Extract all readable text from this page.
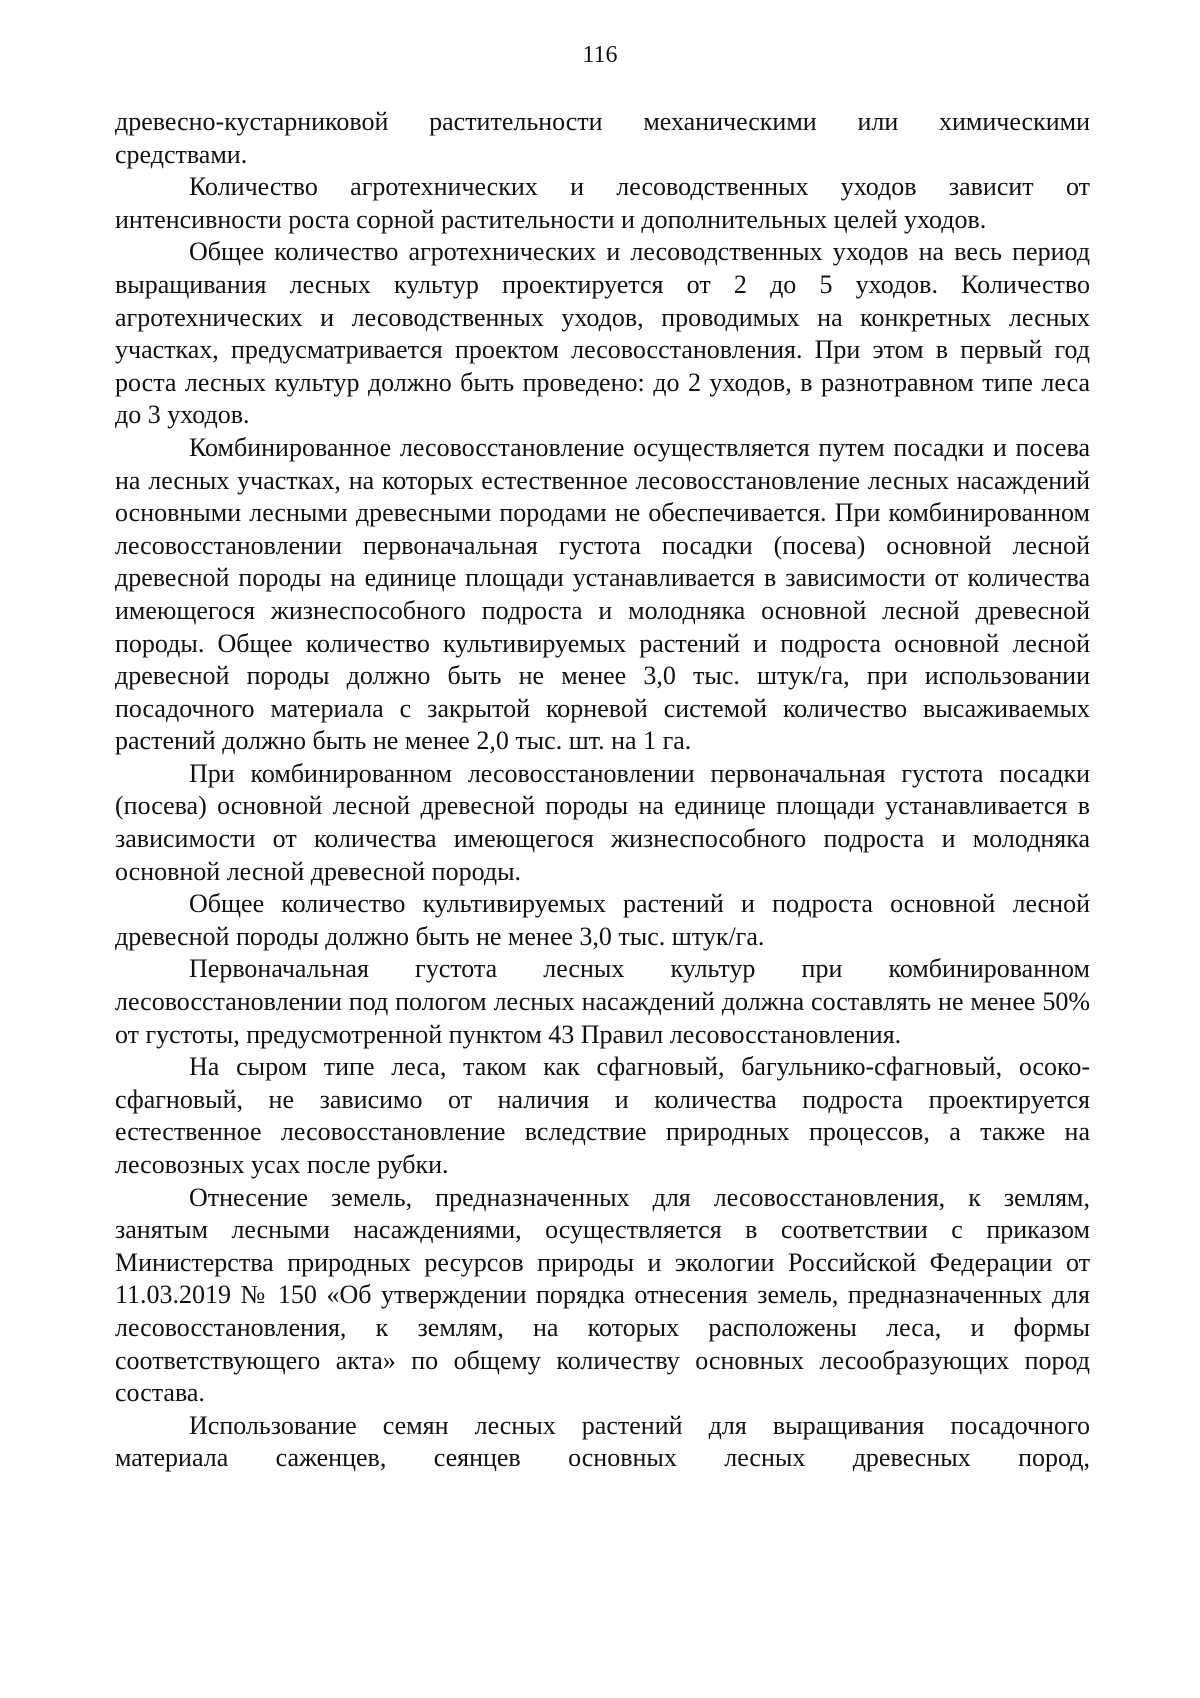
116

древесно-кустарниковой растительности механическими или химическими средствами.

Количество агротехнических и лесоводственных уходов зависит от интенсивности роста сорной растительности и дополнительных целей уходов.

Общее количество агротехнических и лесоводственных уходов на весь период выращивания лесных культур проектируется от 2 до 5 уходов. Количество агротехнических и лесоводственных уходов, проводимых на конкретных лесных участках, предусматривается проектом лесовосстановления. При этом в первый год роста лесных культур должно быть проведено: до 2 уходов, в разнотравном типе леса до 3 уходов.

Комбинированное лесовосстановление осуществляется путем посадки и посева на лесных участках, на которых естественное лесовосстановление лесных насаждений основными лесными древесными породами не обеспечивается. При комбинированном лесовосстановлении первоначальная густота посадки (посева) основной лесной древесной породы на единице площади устанавливается в зависимости от количества имеющегося жизнеспособного подроста и молодняка основной лесной древесной породы. Общее количество культивируемых растений и подроста основной лесной древесной породы должно быть не менее 3,0 тыс. штук/га, при использовании посадочного материала с закрытой корневой системой количество высаживаемых растений должно быть не менее 2,0 тыс. шт. на 1 га.

При комбинированном лесовосстановлении первоначальная густота посадки (посева) основной лесной древесной породы на единице площади устанавливается в зависимости от количества имеющегося жизнеспособного подроста и молодняка основной лесной древесной породы.

Общее количество культивируемых растений и подроста основной лесной древесной породы должно быть не менее 3,0 тыс. штук/га.

Первоначальная густота лесных культур при комбинированном лесовосстановлении под пологом лесных насаждений должна составлять не менее 50% от густоты, предусмотренной пунктом 43 Правил лесовосстановления.

На сыром типе леса, таком как сфагновый, багульнико-сфагновый, осоко-сфагновый, не зависимо от наличия и количества подроста проектируется естественное лесовосстановление вследствие природных процессов, а также на лесовозных усах после рубки.

Отнесение земель, предназначенных для лесовосстановления, к землям, занятым лесными насаждениями, осуществляется в соответствии с приказом Министерства природных ресурсов природы и экологии Российской Федерации от 11.03.2019 № 150 «Об утверждении порядка отнесения земель, предназначенных для лесовосстановления, к землям, на которых расположены леса, и формы соответствующего акта» по общему количеству основных лесообразующих пород состава.

Использование семян лесных растений для выращивания посадочного материала саженцев, сеянцев основных лесных древесных пород,
